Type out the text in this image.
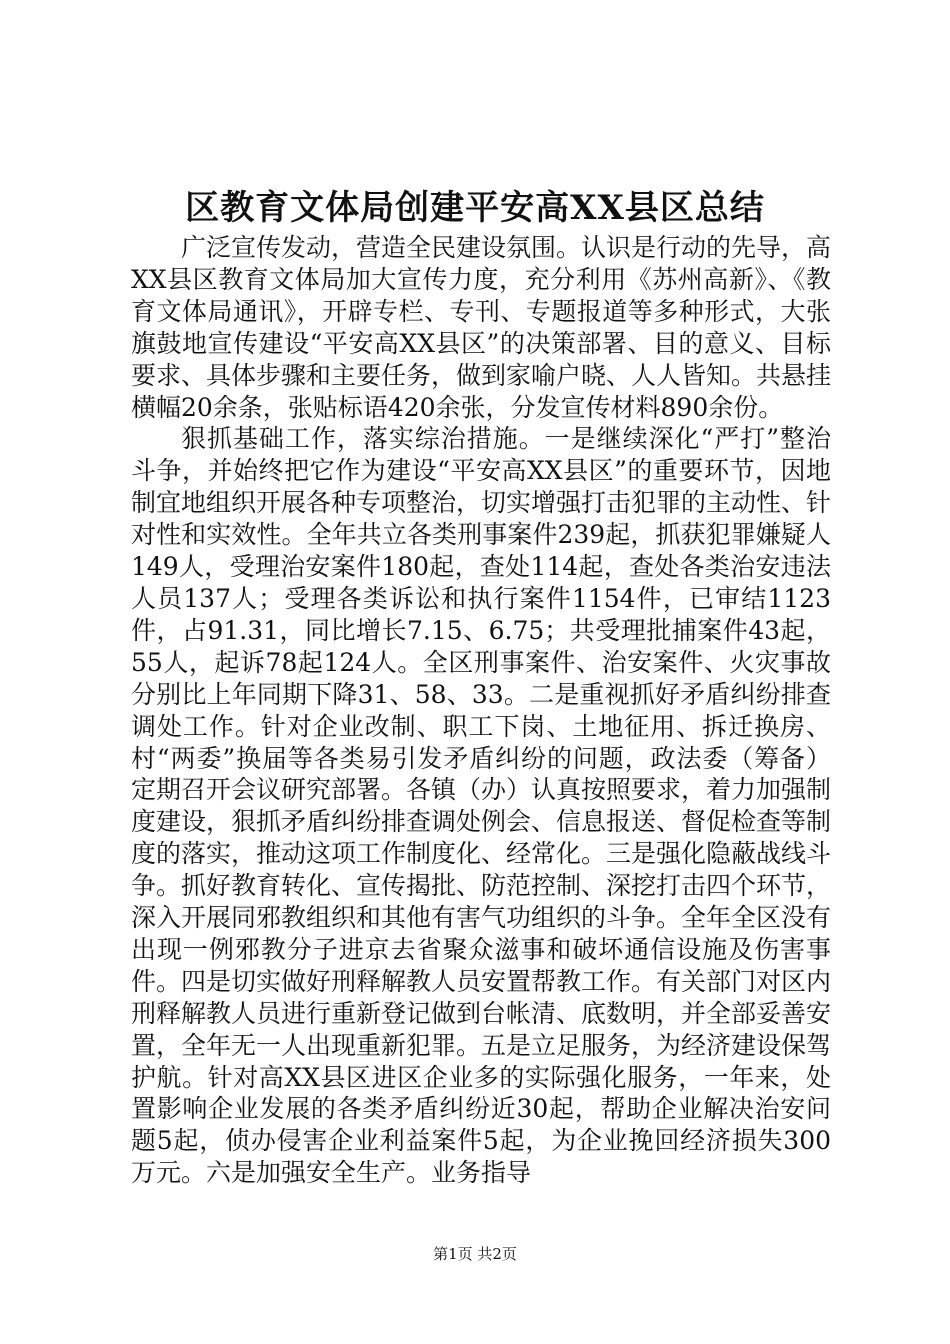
区教育文体局创建平安高XX县区总结

广泛宣传发动，营造全民建设氛围。认识是行动的先导，高XX县区教育文体局加大宣传力度，充分利用《苏州高新》、《教育文体局通讯》，开辟专栏、专刊、专题报道等多种形式，大张旗鼓地宣传建设“平安高XX县区”的决策部署、目的意义、目标要求、具体步骤和主要任务，做到家喻户晓、人人皆知。共悬挂横幅20余条，张贴标语420余张，分发宣传材料890余份。

狠抓基础工作，落实综治措施。一是继续深化“严打”整治斗争，并始终把它作为建设“平安高XX县区”的重要环节，因地制宜地组织开展各种专项整治，切实增强打击犯罪的主动性、针对性和实效性。全年共立各类刑事案件239起，抓获犯罪嫌疑人149人，受理治安案件180起，查处114起，查处各类治安违法人员137人；受理各类诉讼和执行案件1154件，已审结1123件，占91.31，同比增长7.15、6.75；共受理批捕案件43起，55人，起诉78起124人。全区刑事案件、治安案件、火灾事故分别比上年同期下降31、58、33。二是重视抓好矛盾纠纷排查调处工作。针对企业改制、职工下岗、土地征用、拆迁换房、村“两委”换届等各类易引发矛盾纠纷的问题，政法委（筹备）定期召开会议研究部署。各镇（办）认真按照要求，着力加强制度建设，狠抓矛盾纠纷排查调处例会、信息报送、督促检查等制度的落实，推动这项工作制度化、经常化。三是强化隐蔽战线斗争。抓好教育转化、宣传揭批、防范控制、深挖打击四个环节，深入开展同邪教组织和其他有害气功组织的斗争。全年全区没有出现一例邪教分子进京去省聚众滋事和破坏通信设施及伤害事件。四是切实做好刑释解教人员安置帮教工作。有关部门对区内刑释解教人员进行重新登记做到台帐清、底数明，并全部妥善安置，全年无一人出现重新犯罪。五是立足服务，为经济建设保驾护航。针对高XX县区进区企业多的实际强化服务，一年来，处置影响企业发展的各类矛盾纠纷近30起，帮助企业解决治安问题5起，侦办侵害企业利益案件5起，为企业挽回经济损失300万元。六是加强安全生产。业务指导

第1页 共2页
